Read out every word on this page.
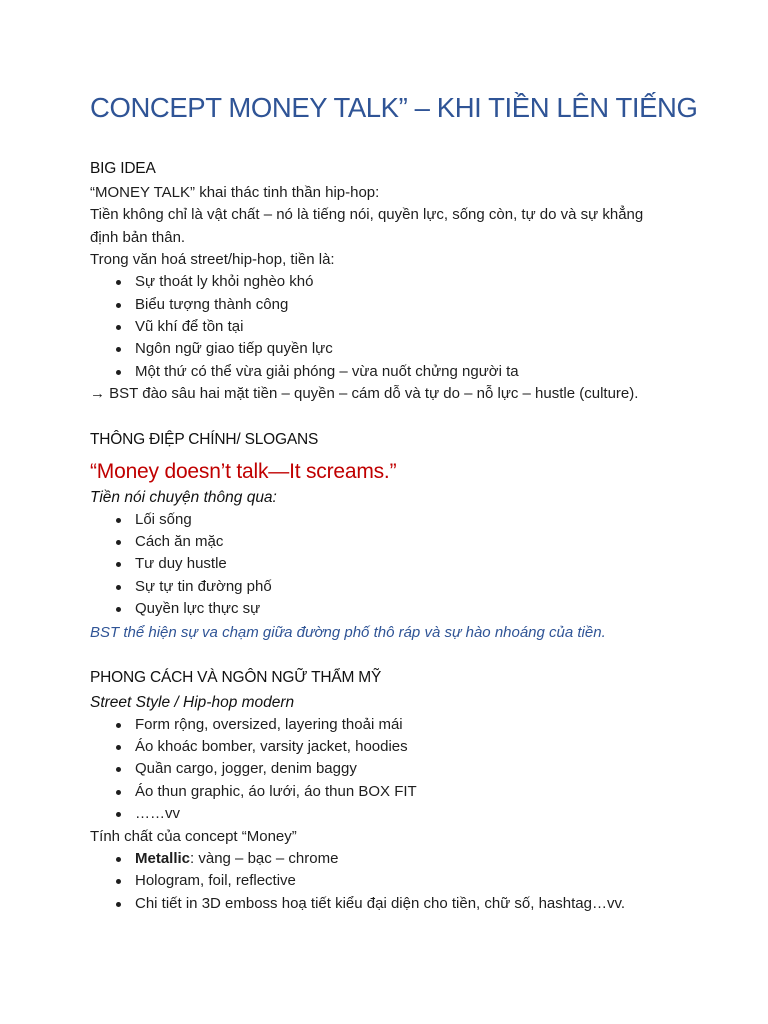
CONCEPT MONEY TALK” – KHI TIỀN LÊN TIẾNG

BIG IDEA

“MONEY TALK” khai thác tinh thần hip-hop:

Tiền không chỉ là vật chất – nó là tiếng nói, quyền lực, sống còn, tự do và sự khẳng

định bản thân.

Trong văn hoá street/hip-hop, tiền là:

Sự thoát ly khỏi nghèo khó
Biểu tượng thành công
Vũ khí để tồn tại
Ngôn ngữ giao tiếp quyền lực
Một thứ có thể vừa giải phóng – vừa nuốt chửng người ta

→ BST đào sâu hai mặt tiền – quyền – cám dỗ và tự do – nỗ lực – hustle (culture).

THÔNG ĐIỆP CHÍNH/ SLOGANS

“Money doesn’t talk—It screams.”

Tiền nói chuyện thông qua:

Lối sống
Cách ăn mặc
Tư duy hustle
Sự tự tin đường phố
Quyền lực thực sự

BST thể hiện sự va chạm giữa đường phố thô ráp và sự hào nhoáng của tiền.

PHONG CÁCH VÀ NGÔN NGỮ THẨM MỸ

Street Style / Hip-hop modern

Form rộng, oversized, layering thoải mái
Áo khoác bomber, varsity jacket, hoodies
Quần cargo, jogger, denim baggy
Áo thun graphic, áo lưới, áo thun BOX FIT
……vv

Tính chất của concept “Money”

Metallic: vàng – bạc – chrome
Hologram, foil, reflective
Chi tiết in 3D emboss hoạ tiết kiểu đại diện cho tiền, chữ số, hashtag…vv.
